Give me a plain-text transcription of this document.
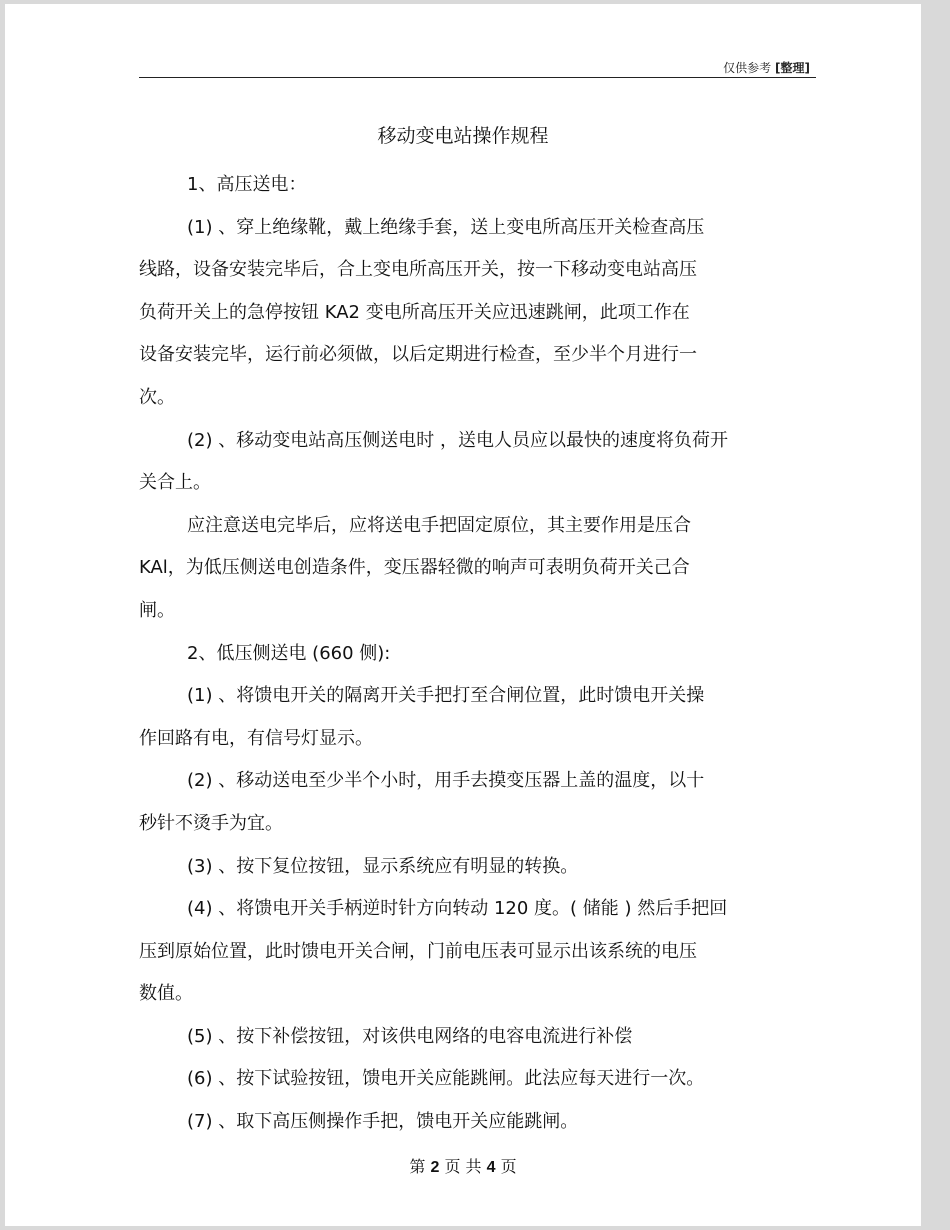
仅供参考 [整理]
移动变电站操作规程

1、高压送电：

(1) 、穿上绝缘靴，戴上绝缘手套，送上变电所高压开关检查高压

线路，设备安装完毕后，合上变电所高压开关，按一下移动变电站高压

负荷开关上的急停按钮 KA2 变电所高压开关应迅速跳闸，此项工作在

设备安装完毕，运行前必须做，以后定期进行检查，至少半个月进行一

次。

(2) 、移动变电站高压侧送电时 ，送电人员应以最快的速度将负荷开

关合上。

应注意送电完毕后，应将送电手把固定原位，其主要作用是压合

KAl，为低压侧送电创造条件，变压器轻微的响声可表明负荷开关己合

闸。

2、低压侧送电 (660 侧):

(1) 、将馈电开关的隔离开关手把打至合闸位置，此时馈电开关操

作回路有电，有信号灯显示。

(2) 、移动送电至少半个小时，用手去摸变压器上盖的温度，以十

秒针不烫手为宜。

(3) 、按下复位按钮，显示系统应有明显的转换。

(4) 、将馈电开关手柄逆时针方向转动 120 度。( 储能 ) 然后手把回

压到原始位置，此时馈电开关合闸，门前电压表可显示出该系统的电压

数值。

(5) 、按下补偿按钮，对该供电网络的电容电流进行补偿

(6) 、按下试验按钮，馈电开关应能跳闸。此法应每天进行一次。

(7) 、取下高压侧操作手把，馈电开关应能跳闸。

第 2 页 共 4 页
